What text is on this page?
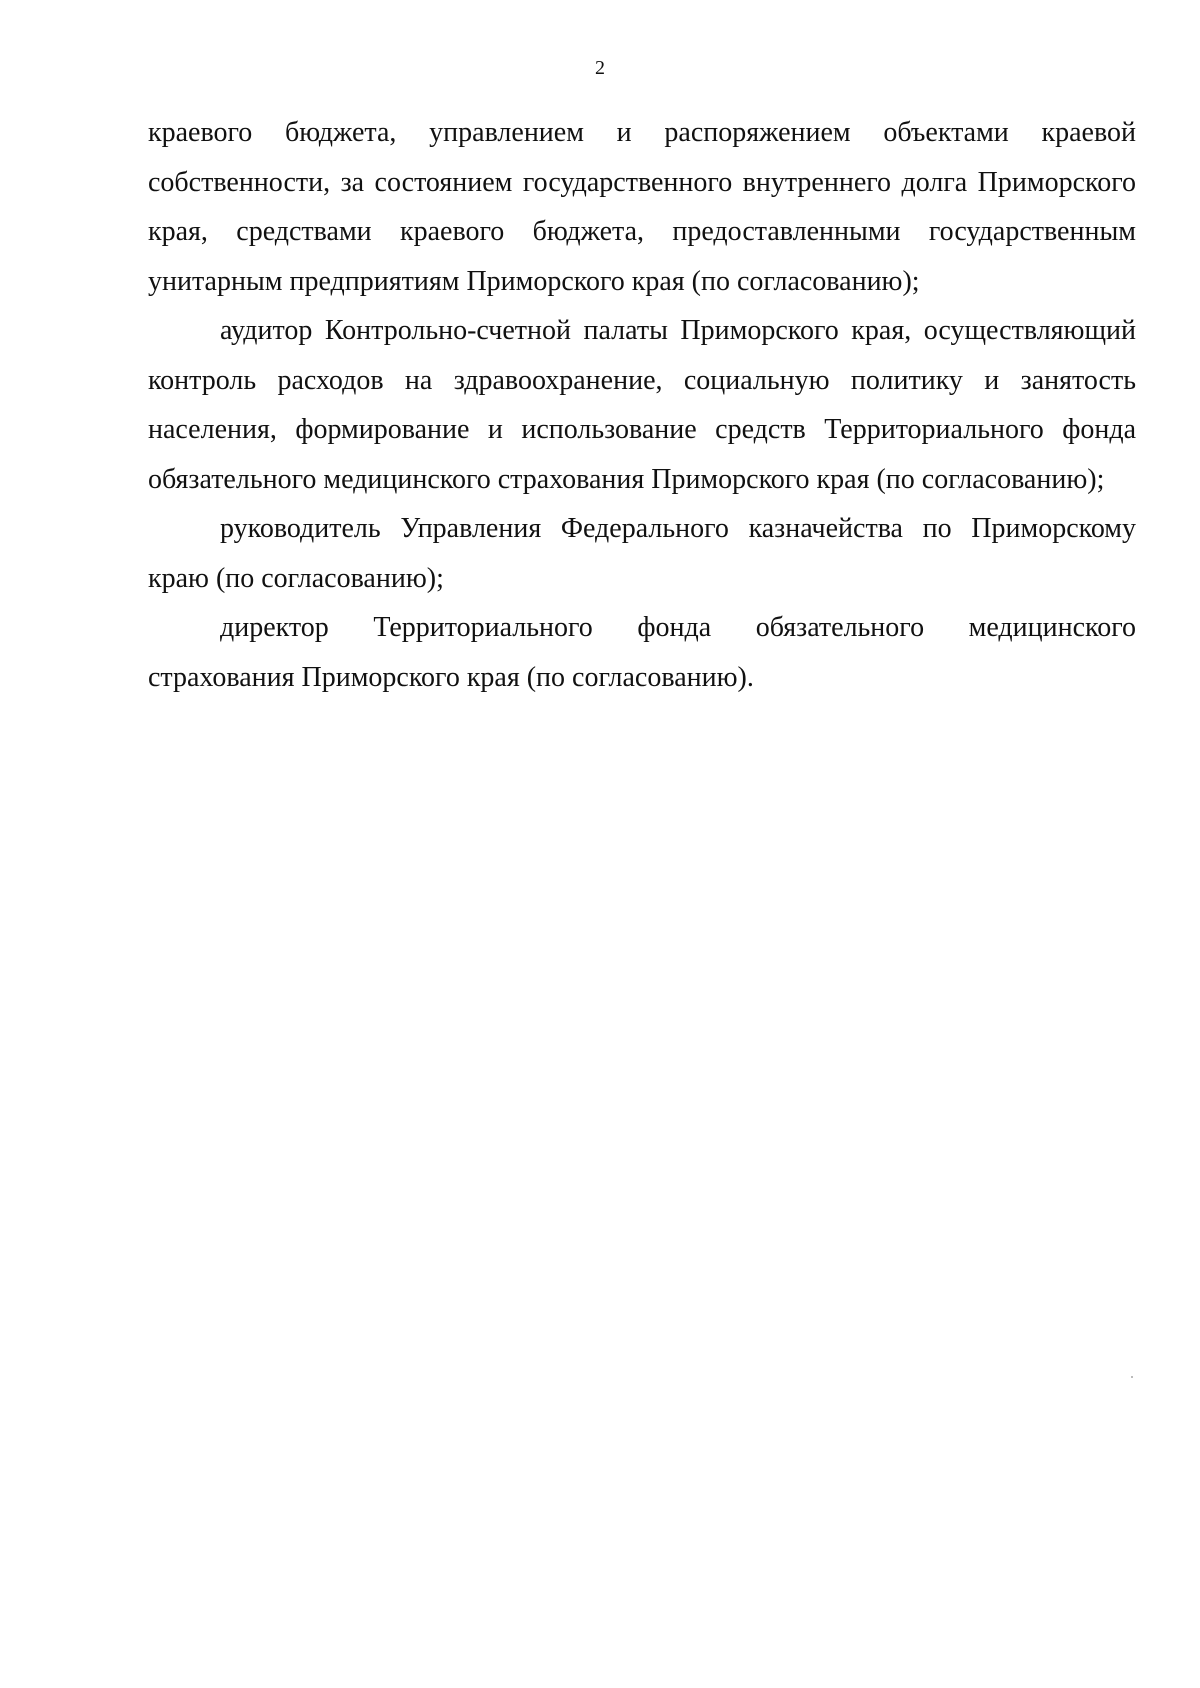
2

краевого бюджета, управлением и распоряжением объектами краевой собственности, за состоянием государственного внутреннего долга Приморского края, средствами краевого бюджета, предоставленными государственным унитарным предприятиям Приморского края (по согласованию);

аудитор Контрольно-счетной палаты Приморского края, осуществляющий контроль расходов на здравоохранение, социальную политику и занятость населения, формирование и использование средств Территориального фонда обязательного медицинского страхования Приморского края (по согласованию);

руководитель Управления Федерального казначейства по Приморскому краю (по согласованию);

директор Территориального фонда обязательного медицинского страхования Приморского края (по согласованию).
